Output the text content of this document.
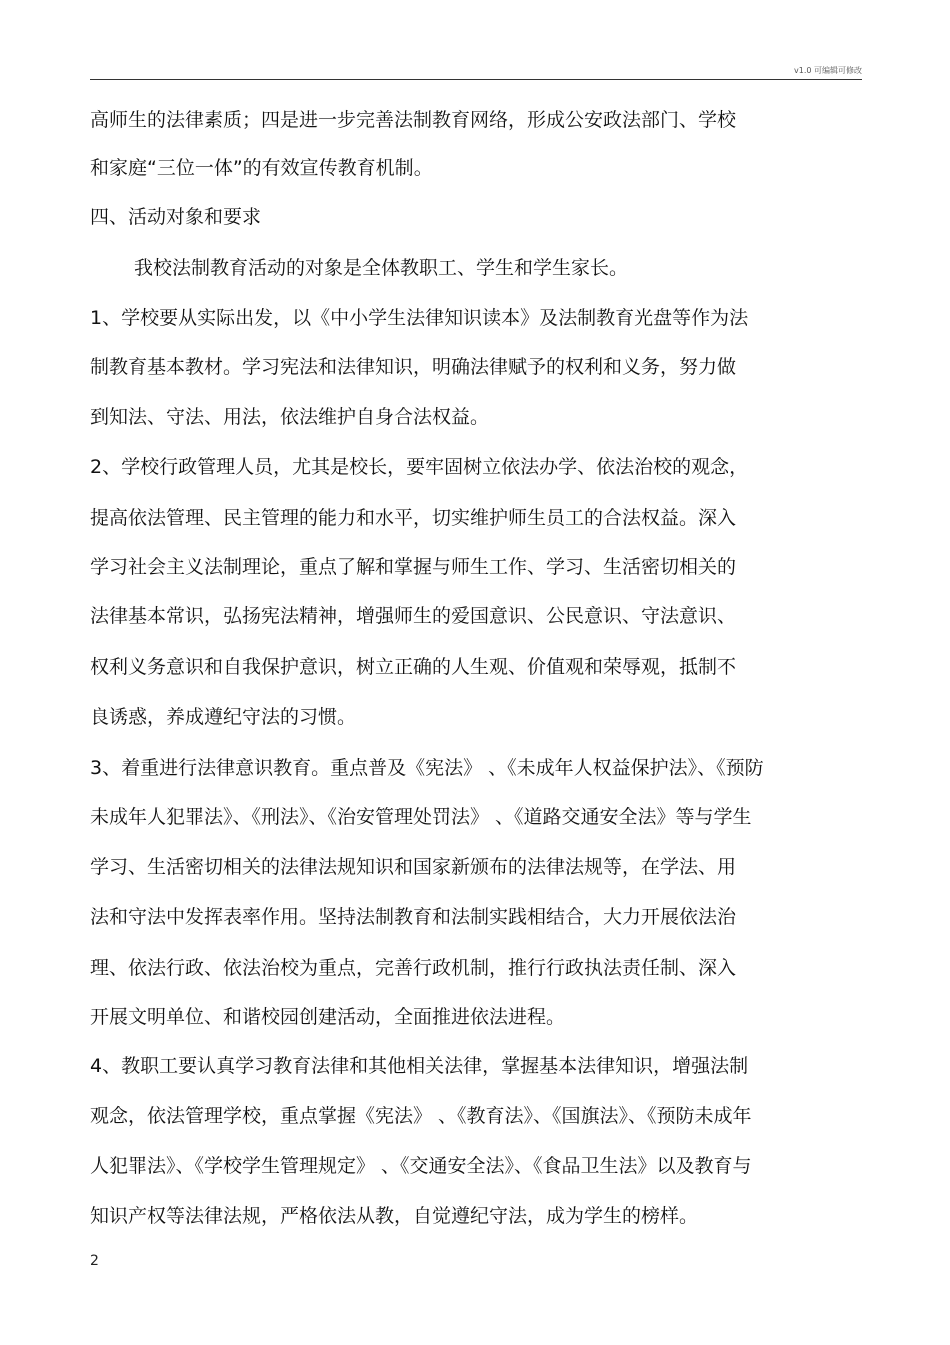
v1.0 可编辑可修改
高师生的法律素质；四是进一步完善法制教育网络，形成公安政法部门、学校
和家庭“三位一体”的有效宣传教育机制。
四、活动对象和要求
我校法制教育活动的对象是全体教职工、学生和学生家长。
1、学校要从实际出发，以《中小学生法律知识读本》及法制教育光盘等作为法
制教育基本教材。学习宪法和法律知识，明确法律赋予的权利和义务，努力做
到知法、守法、用法，依法维护自身合法权益。
2、学校行政管理人员，尤其是校长，要牢固树立依法办学、依法治校的观念，
提高依法管理、民主管理的能力和水平，切实维护师生员工的合法权益。深入
学习社会主义法制理论，重点了解和掌握与师生工作、学习、生活密切相关的
法律基本常识，弘扬宪法精神，增强师生的爱国意识、公民意识、守法意识、
权利义务意识和自我保护意识，树立正确的人生观、价值观和荣辱观，抵制不
良诱惑，养成遵纪守法的习惯。
3、着重进行法律意识教育。重点普及《宪法》 、《未成年人权益保护法》、《预防
未成年人犯罪法》、《刑法》、《治安管理处罚法》 、《道路交通安全法》等与学生
学习、生活密切相关的法律法规知识和国家新颁布的法律法规等，在学法、用
法和守法中发挥表率作用。坚持法制教育和法制实践相结合，大力开展依法治
理、依法行政、依法治校为重点，完善行政机制，推行行政执法责任制、深入
开展文明单位、和谐校园创建活动，全面推进依法进程。
4、教职工要认真学习教育法律和其他相关法律，掌握基本法律知识，增强法制
观念，依法管理学校，重点掌握《宪法》 、《教育法》、《国旗法》、《预防未成年
人犯罪法》、《学校学生管理规定》 、《交通安全法》、《食品卫生法》以及教育与
知识产权等法律法规，严格依法从教，自觉遵纪守法，成为学生的榜样。
2
